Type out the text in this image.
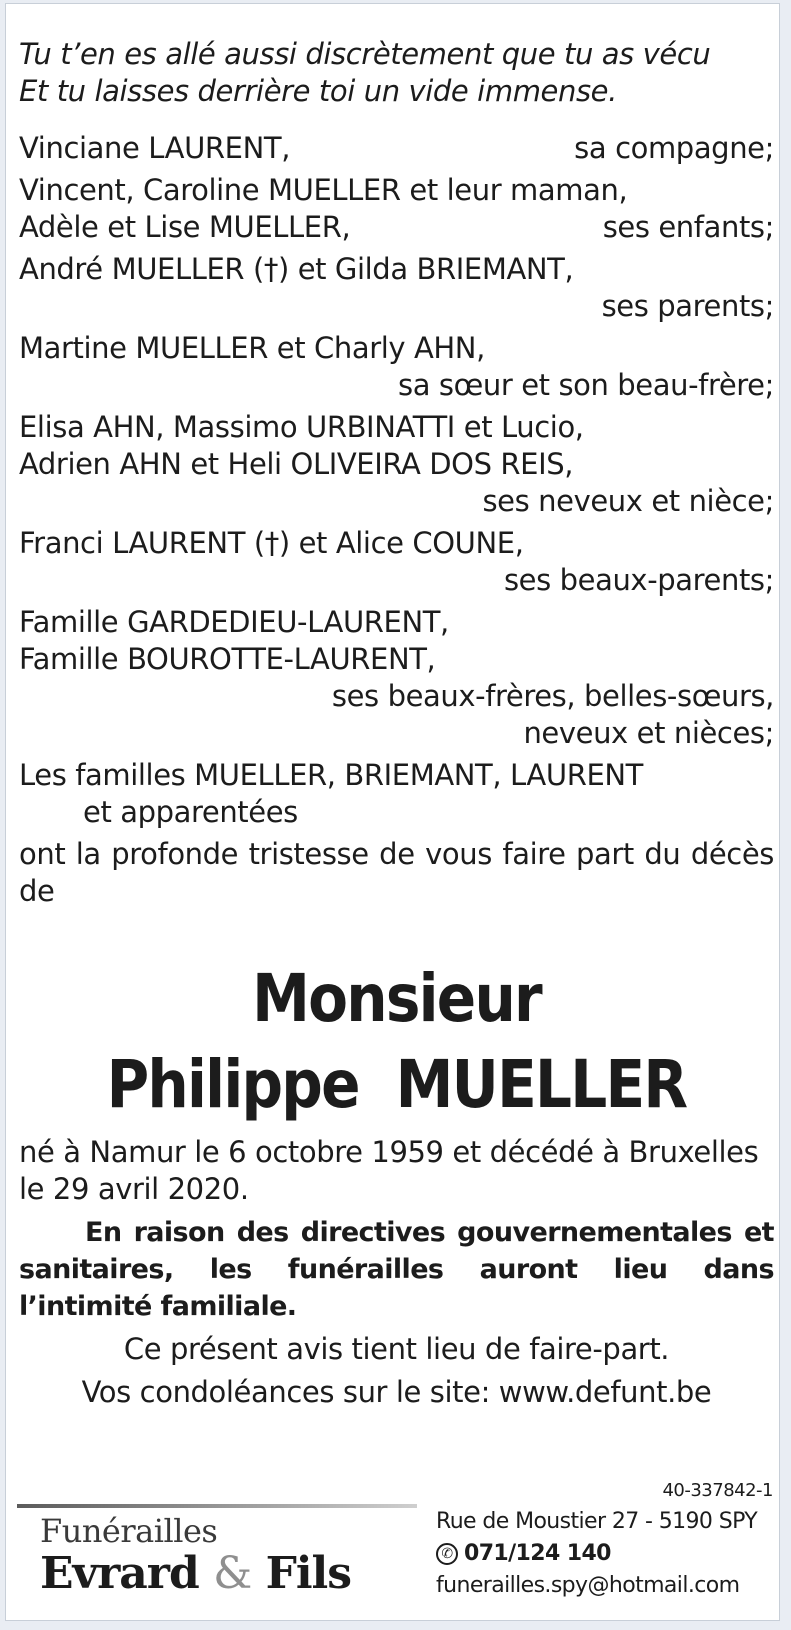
Tu t’en es allé aussi discrètement que tu as vécu

Et tu laisses derrière toi un vide immense.

Vinciane LAURENT,	sa compagne;
Vincent, Caroline MUELLER et leur maman,
Adèle et Lise MUELLER,	ses enfants;
André MUELLER (†) et Gilda BRIEMANT,
ses parents;
Martine MUELLER et Charly AHN,
sa sœur et son beau-frère;
Elisa AHN, Massimo URBINATTI et Lucio,
Adrien AHN et Heli OLIVEIRA DOS REIS,
ses neveux et nièce;
Franci LAURENT (†) et Alice COUNE,
ses beaux-parents;
Famille GARDEDIEU-LAURENT,
Famille BOUROTTE-LAURENT,
ses beaux-frères, belles-sœurs,
neveux et nièces;
Les familles MUELLER, BRIEMANT, LAURENT
et apparentées
ont la profonde tristesse de vous faire part du décès de
Monsieur
Philippe  MUELLER
né à Namur le 6 octobre 1959 et décédé à Bruxelles le 29 avril 2020.
En raison des directives gouvernementales et sanitaires, les funérailles auront lieu dans l’intimité familiale.
Ce présent avis tient lieu de faire-part.
Vos condoléances sur le site: www.defunt.be
40-337842-1
Funérailles
Evrard & Fils
Rue de Moustier 27 - 5190 SPY
✆ 071/124 140
funerailles.spy@hotmail.com
